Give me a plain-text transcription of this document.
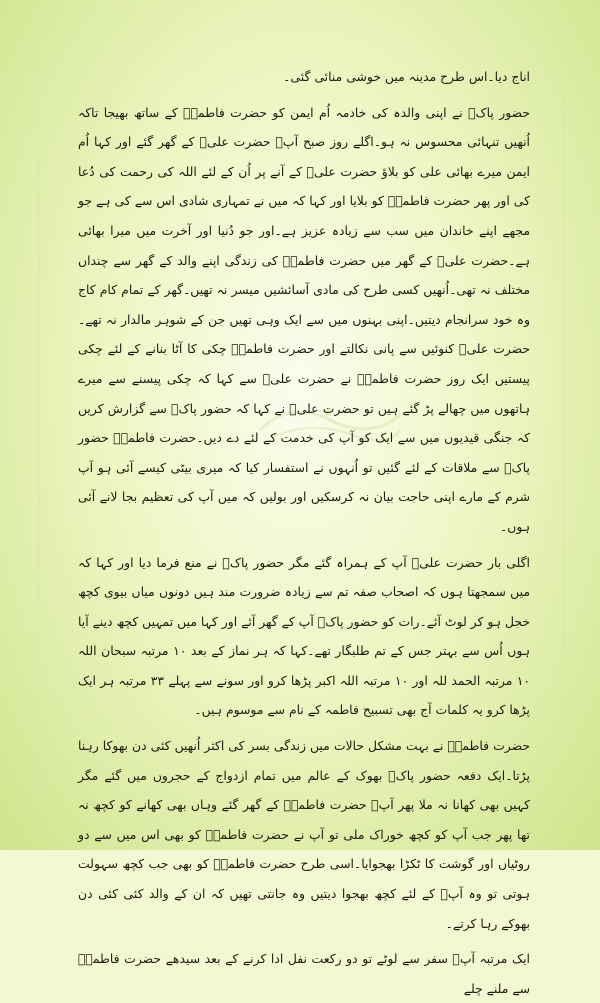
اناج دیا۔اس طرح مدینہ میں خوشی منائی گئی۔

حضور پاکؐ نے اپنی والدہ کی خادمہ اُم ایمن کو حضرت فاطمہؓ کے ساتھ بھیجا تاکہ اُنھیں تنہائی محسوس نہ ہو۔اگلے روز صبح آپؐ حضرت علیؓ کے گھر گئے اور کہا اُم ایمن میرے بھائی علی کو بلاؤ حضرت علیؓ کے آنے پر اُن کے لئے اللہ کی رحمت کی دُعا کی اور پھر حضرت فاطمہؓ کو بلایا اور کہا کہ میں نے تمہاری شادی اس سے کی ہے جو مجھے اپنے خاندان میں سب سے زیادہ عزیز ہے۔اور جو دُنیا اور آخرت میں میرا بھائی ہے۔حضرت علیؓ کے گھر میں حضرت فاطمہؓ کی زندگی اپنے والد کے گھر سے چنداں مختلف نہ تھی۔اُنھیں کسی طرح کی مادی آسائشیں میسر نہ تھیں۔گھر کے تمام کام کاج وہ خود سرانجام دیتیں۔اپنی بہنوں میں سے ایک وہی تھیں جن کے شوہر مالدار نہ تھے۔حضرت علیؓ کنوئیں سے پانی نکالتے اور حضرت فاطمہؓ چکی کا آٹا بنانے کے لئے چکی پیستیں ایک روز حضرت فاطمہؓ نے حضرت علیؓ سے کہا کہ چکی پیسنے سے میرے ہاتھوں میں چھالے پڑ گئے ہیں تو حضرت علیؓ نے کہا کہ حضور پاکؐ سے گزارش کریں کہ جنگی قیدیوں میں سے ایک کو آپ کی خدمت کے لئے دے دیں۔حضرت فاطمہؓ حضور پاکؐ سے ملاقات کے لئے گئیں تو اُنہوں نے استفسار کیا کہ میری بیٹی کیسے آئی ہو آپ شرم کے مارے اپنی حاجت بیان نہ کرسکیں اور بولیں کہ میں آپ کی تعظیم بجا لانے آئی ہوں۔

اگلی بار حضرت علیؓ آپ کے ہمراہ گئے مگر حضور پاکؐ نے منع فرما دیا اور کہا کہ میں سمجھتا ہوں کہ اصحاب صفہ تم سے زیادہ ضرورت مند ہیں دونوں میاں بیوی کچھ خجل ہو کر لوٹ آئے۔رات کو حضور پاکؐ آپ کے گھر آئے اور کہا میں تمہیں کچھ دینے آیا ہوں اُس سے بہتر جس کے تم طلبگار تھے۔کہا کہ ہر نماز کے بعد ۱۰ مرتبہ سبحان اللہ ۱۰ مرتبہ الحمد للہ اور ۱۰ مرتبہ اللہ اکبر پڑھا کرو اور سونے سے پہلے ۳۳ مرتبہ ہر ایک پڑھا کرو یہ کلمات آج بھی تسبیح فاطمہ کے نام سے موسوم ہیں۔

حضرت فاطمہؓ نے بہت مشکل حالات میں زندگی بسر کی اکثر اُنھیں کئی دن بھوکا رہنا پڑتا۔ایک دفعہ حضور پاکؐ بھوک کے عالم میں تمام ازدواج کے حجروں میں گئے مگر کہیں بھی کھانا نہ ملا پھر آپؐ حضرت فاطمہؓ کے گھر گئے وہاں بھی کھانے کو کچھ نہ تھا پھر جب آپ کو کچھ خوراک ملی تو آپ نے حضرت فاطمہؓ کو بھی اس میں سے دو روٹیاں اور گوشت کا ٹکڑا بھجوایا۔اسی طرح حضرت فاطمہؓ کو بھی جب کچھ سہولت ہوتی تو وہ آپؐ کے لئے کچھ بھجوا دیتیں وہ جانتی تھیں کہ ان کے والد کئی کئی دن بھوکے رہا کرتے۔

ایک مرتبہ آپؐ سفر سے لوٹے تو دو رکعت نفل ادا کرنے کے بعد سیدھے حضرت فاطمہؓ سے ملنے چلے
